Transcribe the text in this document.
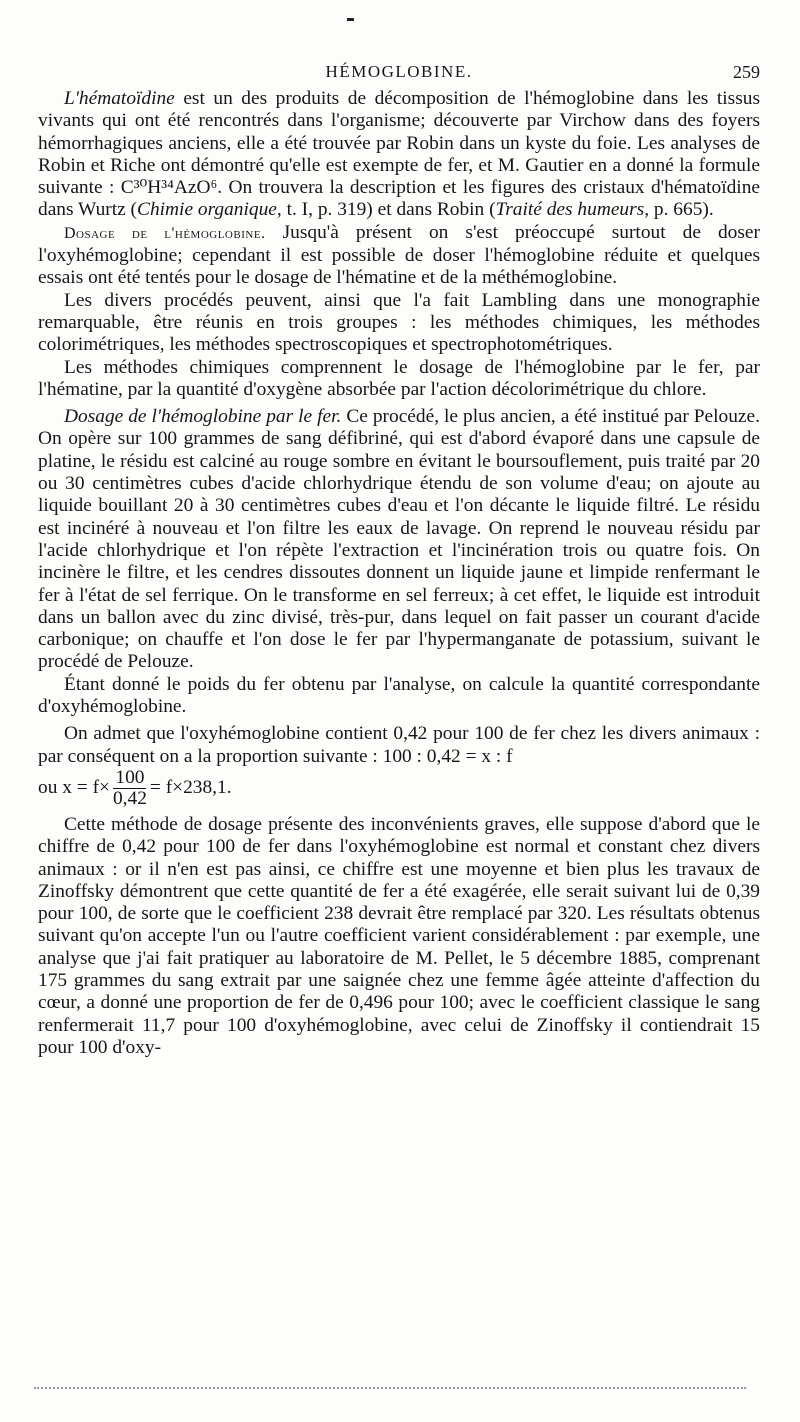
HÉMOGLOBINE.	259

L'hématoïdine est un des produits de décomposition de l'hémoglobine dans les tissus vivants qui ont été rencontrés dans l'organisme; découverte par Virchow dans des foyers hémorrhagiques anciens, elle a été trouvée par Robin dans un kyste du foie. Les analyses de Robin et Riche ont démontré qu'elle est exempte de fer, et M. Gautier en a donné la formule suivante : C³⁰H³⁴AzO⁶. On trouvera la description et les figures des cristaux d'hématoïdine dans Wurtz (Chimie organique, t. I, p. 319) et dans Robin (Traité des humeurs, p. 665).

Dosage de l'hémoglobine. Jusqu'à présent on s'est préoccupé surtout de doser l'oxyhémoglobine; cependant il est possible de doser l'hémoglobine réduite et quelques essais ont été tentés pour le dosage de l'hématine et de la méthémoglobine.

Les divers procédés peuvent, ainsi que l'a fait Lambling dans une monographie remarquable, être réunis en trois groupes : les méthodes chimiques, les méthodes colorimétriques, les méthodes spectroscopiques et spectrophotométriques.

Les méthodes chimiques comprennent le dosage de l'hémoglobine par le fer, par l'hématine, par la quantité d'oxygène absorbée par l'action décolorimétrique du chlore.

Dosage de l'hémoglobine par le fer. Ce procédé, le plus ancien, a été institué par Pelouze. On opère sur 100 grammes de sang défibriné, qui est d'abord évaporé dans une capsule de platine, le résidu est calciné au rouge sombre en évitant le boursouflement, puis traité par 20 ou 30 centimètres cubes d'acide chlorhydrique étendu de son volume d'eau; on ajoute au liquide bouillant 20 à 30 centimètres cubes d'eau et l'on décante le liquide filtré. Le résidu est incinéré à nouveau et l'on filtre les eaux de lavage. On reprend le nouveau résidu par l'acide chlorhydrique et l'on répète l'extraction et l'incinération trois ou quatre fois. On incinère le filtre, et les cendres dissoutes donnent un liquide jaune et limpide renfermant le fer à l'état de sel ferrique. On le transforme en sel ferreux; à cet effet, le liquide est introduit dans un ballon avec du zinc divisé, très-pur, dans lequel on fait passer un courant d'acide carbonique; on chauffe et l'on dose le fer par l'hypermanganate de potassium, suivant le procédé de Pelouze.

Étant donné le poids du fer obtenu par l'analyse, on calcule la quantité correspondante d'oxyhémoglobine.

On admet que l'oxyhémoglobine contient 0,42 pour 100 de fer chez les divers animaux : par conséquent on a la proportion suivante : 100 : 0,42 = x : f

ou $x = f\times \frac{100}{0,42} = f\times 238,1$.

Cette méthode de dosage présente des inconvénients graves, elle suppose d'abord que le chiffre de 0,42 pour 100 de fer dans l'oxyhémoglobine est normal et constant chez divers animaux : or il n'en est pas ainsi, ce chiffre est une moyenne et bien plus les travaux de Zinoffsky démontrent que cette quantité de fer a été exagérée, elle serait suivant lui de 0,39 pour 100, de sorte que le coefficient 238 devrait être remplacé par 320. Les résultats obtenus suivant qu'on accepte l'un ou l'autre coefficient varient considérablement : par exemple, une analyse que j'ai fait pratiquer au laboratoire de M. Pellet, le 5 décembre 1885, comprenant 175 grammes du sang extrait par une saignée chez une femme âgée atteinte d'affection du cœur, a donné une proportion de fer de 0,496 pour 100; avec le coefficient classique le sang renfermerait 11,7 pour 100 d'oxyhémoglobine, avec celui de Zinoffsky il contiendrait 15 pour 100 d'oxy-
